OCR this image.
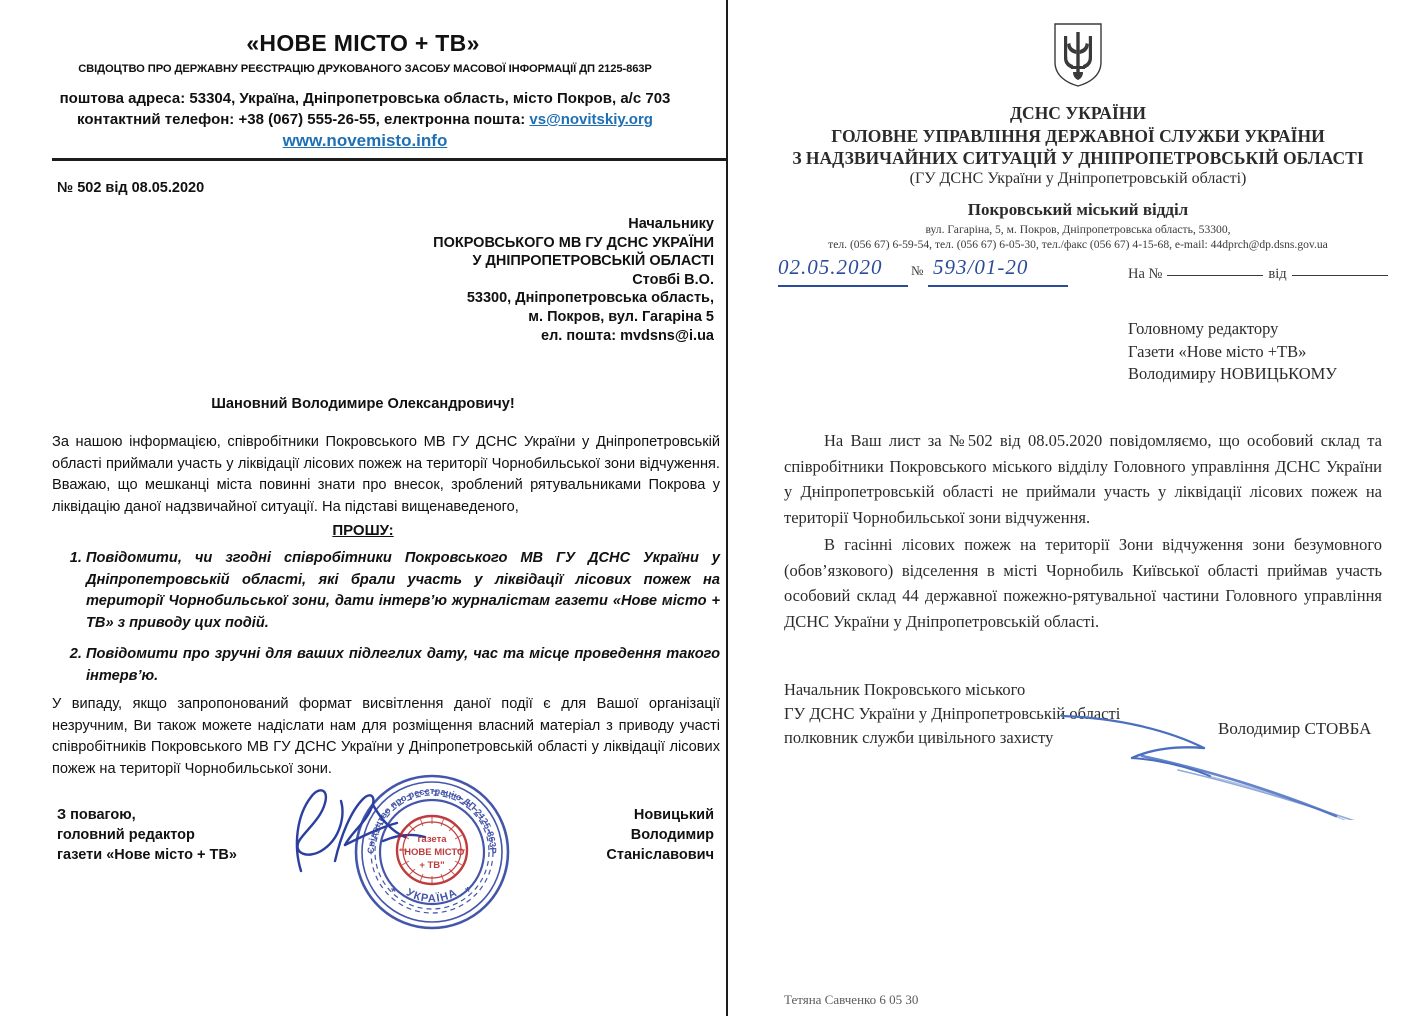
«НОВЕ МІСТО + ТВ»
СВІДОЦТВО ПРО ДЕРЖАВНУ РЕЄСТРАЦІЮ ДРУКОВАНОГО ЗАСОБУ МАСОВОЇ ІНФОРМАЦІЇ ДП 2125-863Р
поштова адреса: 53304, Україна, Дніпропетровська область, місто Покров, а/с 703
контактний телефон: +38 (067) 555-26-55, електронна пошта: vs@novitskiy.org
www.novemisto.info
№ 502 від 08.05.2020
Начальнику
ПОКРОВСЬКОГО МВ ГУ ДСНС УКРАЇНИ
У ДНІПРОПЕТРОВСЬКІЙ ОБЛАСТІ
Стовбі В.О.
53300, Дніпропетровська область,
м. Покров, вул. Гагаріна 5
ел. пошта: mvdsns@i.ua
Шановний Володимире Олександровичу!
За нашою інформацією, співробітники Покровського МВ ГУ ДСНС України у Дніпропетровській області приймали участь у ліквідації лісових пожеж на території Чорнобильської зони відчуження. Вважаю, що мешканці міста повинні знати про внесок, зроблений рятувальниками Покрова у ліквідацію даної надзвичайної ситуації. На підставі вищенаведеного,
ПРОШУ:
1. Повідомити, чи згодні співробітники Покровського МВ ГУ ДСНС України у Дніпропетровській області, які брали участь у ліквідації лісових пожеж на території Чорнобильської зони, дати інтерв’ю журналістам газети «Нове місто + ТВ» з приводу цих подій.
2. Повідомити про зручні для ваших підлеглих дату, час та місце проведення такого інтерв’ю.
У випаду, якщо запропонований формат висвітлення даної події є для Вашої організації незручним, Ви також можете надіслати нам для розміщення власний матеріал з приводу участі співробітників Покровського МВ ГУ ДСНС України у Дніпропетровській області у ліквідації лісових пожеж на території Чорнобильської зони.
З повагою,
головний редактор
газети «Нове місто + ТВ»
Новицький
Володимир
Станіславович
Свідоцтво про реєстрацію ДП 2125-863Р
УКРАЇНА
*	*
газета
"НОВЕ МІСТО
+ ТВ"
ДСНС УКРАЇНИ
ГОЛОВНЕ УПРАВЛІННЯ ДЕРЖАВНОЇ СЛУЖБИ УКРАЇНИ
З НАДЗВИЧАЙНИХ СИТУАЦІЙ У ДНІПРОПЕТРОВСЬКІЙ ОБЛАСТІ
(ГУ ДСНС України у Дніпропетровській області)
Покровський міський відділ
вул. Гагаріна, 5, м. Покров, Дніпропетровська область, 53300,
тел. (056 67) 6-59-54, тел. (056 67) 6-05-30, тел./факс (056 67) 4-15-68, e-mail: 44dprch@dp.dsns.gov.ua
02.05.2020 № 593/01-20	На №	від
Головному редактору
Газети «Нове місто +ТВ»
Володимиру НОВИЦЬКОМУ
На Ваш лист за №502 від 08.05.2020 повідомляємо, що особовий склад та співробітники Покровського міського відділу Головного управління ДСНС України у Дніпропетровській області не приймали участь у ліквідації лісових пожеж на території Чорнобильської зони відчуження.
В гасінні лісових пожеж на території Зони відчуження зони безумовного (обов’язкового) відселення в місті Чорнобиль Київської області приймав участь особовий склад 44 державної пожежно-рятувальної частини Головного управління ДСНС України у Дніпропетровській області.
Начальник Покровського міського
ГУ ДСНС України у Дніпропетровській області
полковник служби цивільного захисту	Володимир СТОВБА
Тетяна Савченко 6 05 30
